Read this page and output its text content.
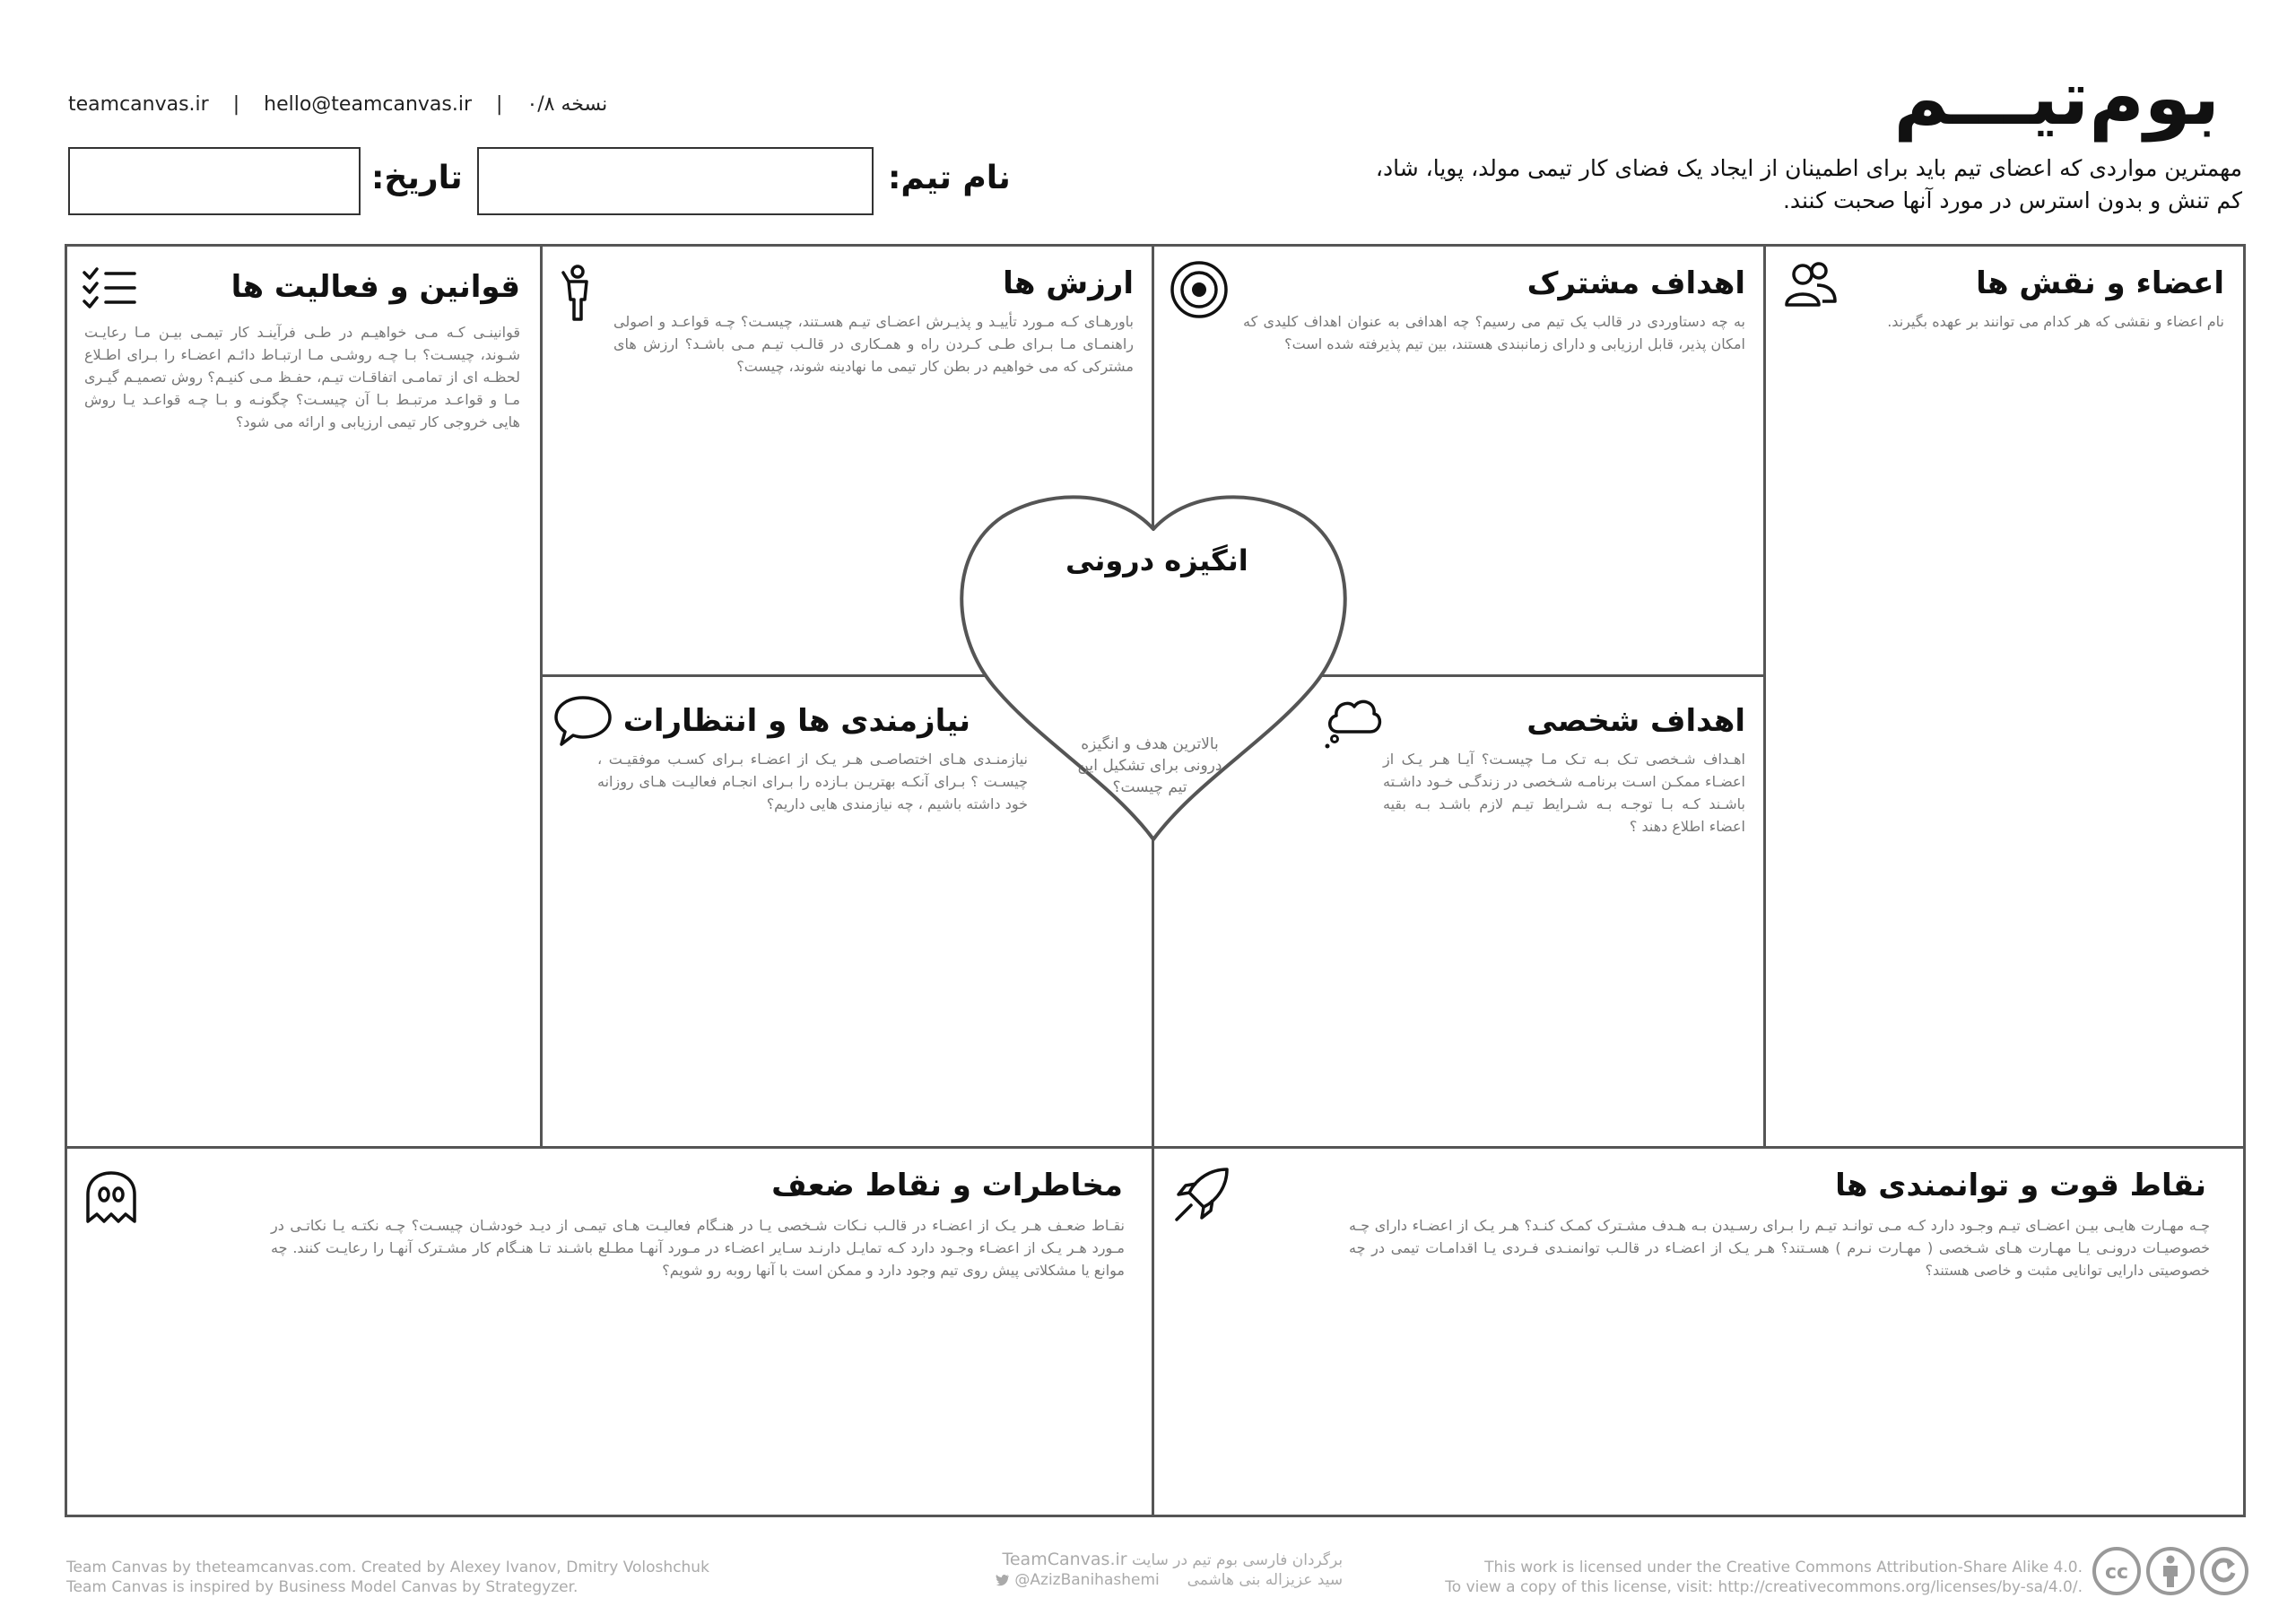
بوم‌تیـــم
مهمترین مواردی که اعضای تیم باید برای اطمینان از ایجاد یک فضای کار تیمی مولد، پویا، شاد،
کم تنش و بدون استرس در مورد آنها صحبت کنند.
teamcanvas.ir | hello@teamcanvas.ir | نسخه ۰/۸
نام تیم:
تاریخ:
اعضاء و نقش ها
نام اعضاء و نقشی که هر کدام می توانند بر عهده بگیرند.
اهداف مشترک
به چه دستاوردی در قالب یک تیم می رسیم؟ چه اهدافی به عنوان اهداف کلیدی که امکان پذیر، قابل ارزیابی و دارای زمانبندی هستند، بین تیم پذیرفته شده است؟
ارزش ها
باورهـای کـه مـورد تأییـد و پذیـرش اعضـای تیـم هسـتند، چیسـت؟ چـه قواعـد و اصولی راهنمـای مـا بـرای طـی کـردن راه و همـکاری در قالـب تیـم مـی باشـد؟ ارزش های مشترکی که می خواهیم در بطن کار تیمی ما نهادینه شوند، چیست؟
قوانین و فعالیت ها
قوانینـی کـه مـی خواهیـم در طـی فرآینـد کار تیمـی بیـن مـا رعایـت شـوند، چیسـت؟ بـا چـه روشـی مـا ارتبـاط دائـم اعضـاء را بـرای اطـلاع لحظـه ای از تمامـی اتفاقـات تیـم، حفـظ مـی کنیـم؟ روش تصمیـم گیـری مـا و قواعـد مرتبـط بـا آن چیسـت؟ چگونـه و بـا چـه قواعـد یـا روش هایی خروجی کار تیمی ارزیابی و ارائه می شود؟
اهداف شخصی
اهـداف شـخصی تـک بـه تـک مـا چیسـت؟ آیـا هـر یـک از اعضـاء ممکـن اسـت برنامـه شـخصی در زندگـی خـود داشـته باشـند کـه بـا توجـه بـه شـرایط تیـم لازم باشـد بـه بقیه اعضاء اطلاع دهند ؟
نیازمندی ها و انتظارات
نیازمنـدی هـای اختصاصـی هـر یـک از اعضـاء بـرای کسـب موفقیـت ، چیسـت ؟ بـرای آنکـه بهتریـن بـازده را بـرای انجـام فعالیـت هـای روزانه خود داشته باشیم ، چه نیازمندی هایی داریم؟
انگیزه درونی
بالاترین هدف و انگیزه درونی برای تشکیل این تیم چیست؟
نقاط قوت و توانمندی ها
چـه مهـارت هایـی بیـن اعضـای تیـم وجـود دارد کـه مـی توانـد تیـم را بـرای رسـیدن بـه هـدف مشـترک کمـک کنـد؟ هـر یـک از اعضـاء دارای چـه خصوصیـات درونـی یـا مهـارت هـای شـخصی ( مهـارت نـرم ) هسـتند؟ هـر یـک از اعضـاء در قالـب توانمنـدی فـردی یـا اقدامـات تیمی در چه خصوصیتی دارایی توانایی مثبت و خاصی هستند؟
مخاطرات و نقاط ضعف
نقـاط ضعـف هـر یـک از اعضـاء در قالـب نـکات شـخصی یـا در هنـگام فعالیـت هـای تیمـی از دیـد خودشـان چیسـت؟ چـه نکتـه یـا نکاتـی در مـورد هـر یـک از اعضـاء وجـود دارد کـه تمایـل دارنـد سـایر اعضـاء در مـورد آنهـا مطـلع باشـند تـا هنـگام کار مشـترک آنهـا را رعایـت کنند. چه موانع یا مشکلاتی پیش روی تیم وجود دارد و ممکن است با آنها روبه رو شویم؟
Team Canvas by theteamcanvas.com. Created by Alexey Ivanov, Dmitry Voloshchuk
Team Canvas is inspired by Business Model Canvas by Strategyzer.
برگردان فارسی بوم تیم در سایت TeamCanvas.ir
سید عزیزاله بنی هاشمی  @AzizBanihashemi
This work is licensed under the Creative Commons Attribution-Share Alike 4.0.
To view a copy of this license, visit: http://creativecommons.org/licenses/by-sa/4.0/.
cc
